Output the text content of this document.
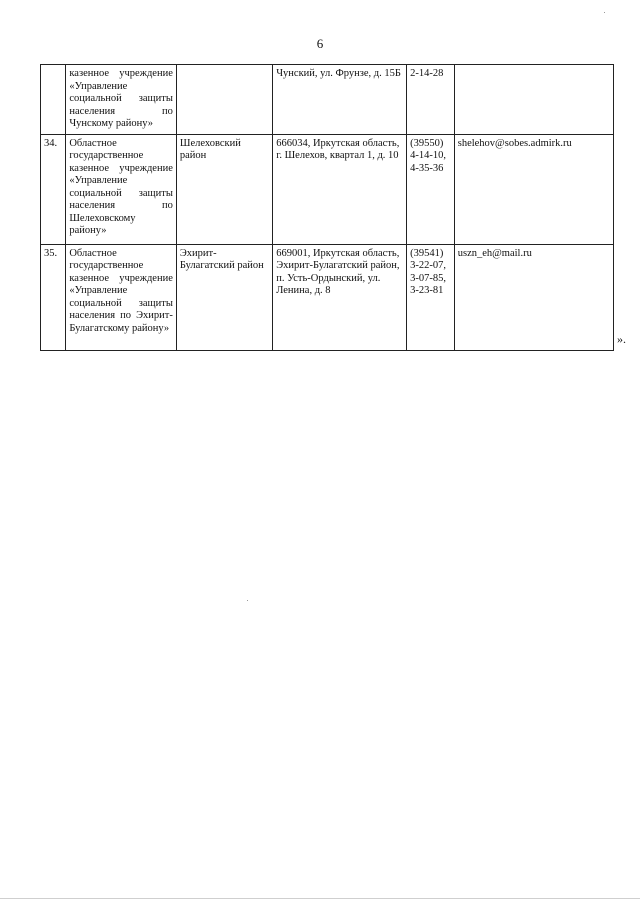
6

	казенное учреждение «Управление социальной защиты населения по Чунскому району»		Чунский, ул. Фрунзе, д. 15Б	2-14-28	
34.	Областное государственное казенное учреждение «Управление социальной защиты населения по Шелеховскому району»	Шелеховский район	666034, Иркутская область, г. Шелехов, квартал 1, д. 10	(39550) 4-14-10, 4-35-36	shelehov@sobes.admirk.ru
35.	Областное государственное казенное учреждение «Управление социальной защиты населения по Эхирит-Булагатскому району»	Эхирит-Булагатский район	669001, Иркутская область, Эхирит-Булагатский район, п. Усть-Ордынский, ул. Ленина, д. 8	(39541) 3-22-07, 3-07-85, 3-23-81	uszn_eh@mail.ru
».
